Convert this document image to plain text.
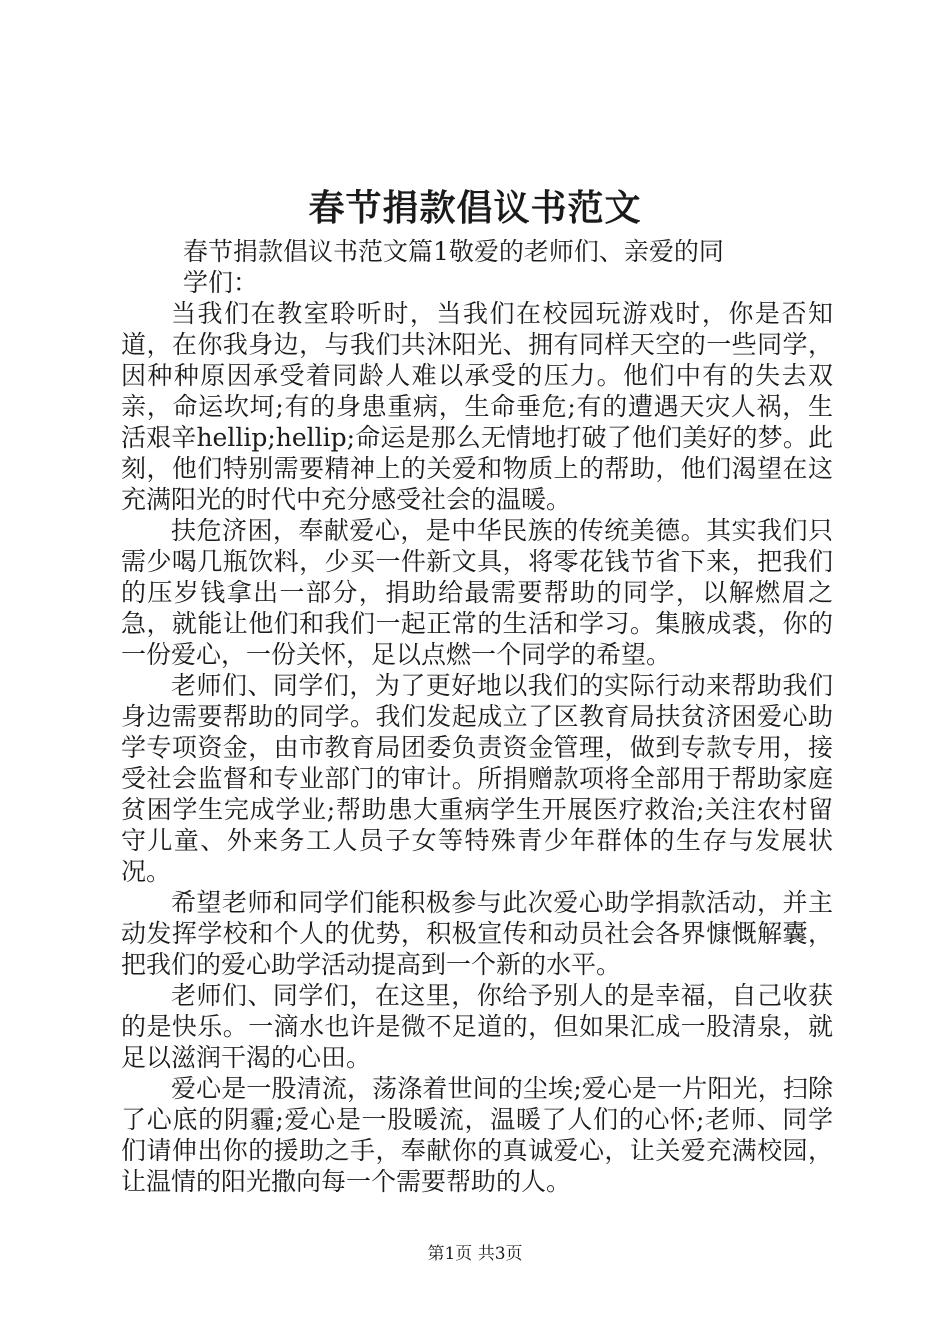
春节捐款倡议书范文

春节捐款倡议书范文篇1敬爱的老师们、亲爱的同学们：

当我们在教室聆听时，当我们在校园玩游戏时，你是否知道，在你我身边，与我们共沐阳光、拥有同样天空的一些同学，因种种原因承受着同龄人难以承受的压力。他们中有的失去双亲，命运坎坷;有的身患重病，生命垂危;有的遭遇天灾人祸，生活艰辛hellip;hellip;命运是那么无情地打破了他们美好的梦。此刻，他们特别需要精神上的关爱和物质上的帮助，他们渴望在这充满阳光的时代中充分感受社会的温暖。

扶危济困，奉献爱心，是中华民族的传统美德。其实我们只需少喝几瓶饮料，少买一件新文具，将零花钱节省下来，把我们的压岁钱拿出一部分，捐助给最需要帮助的同学，以解燃眉之急，就能让他们和我们一起正常的生活和学习。集腋成裘，你的一份爱心，一份关怀，足以点燃一个同学的希望。

老师们、同学们，为了更好地以我们的实际行动来帮助我们身边需要帮助的同学。我们发起成立了区教育局扶贫济困爱心助学专项资金，由市教育局团委负责资金管理，做到专款专用，接受社会监督和专业部门的审计。所捐赠款项将全部用于帮助家庭贫困学生完成学业;帮助患大重病学生开展医疗救治;关注农村留守儿童、外来务工人员子女等特殊青少年群体的生存与发展状况。

希望老师和同学们能积极参与此次爱心助学捐款活动，并主动发挥学校和个人的优势，积极宣传和动员社会各界慷慨解囊，把我们的爱心助学活动提高到一个新的水平。

老师们、同学们，在这里，你给予别人的是幸福，自己收获的是快乐。一滴水也许是微不足道的，但如果汇成一股清泉，就足以滋润干渴的心田。

爱心是一股清流，荡涤着世间的尘埃;爱心是一片阳光，扫除了心底的阴霾;爱心是一股暖流，温暖了人们的心怀;老师、同学们请伸出你的援助之手，奉献你的真诚爱心，让关爱充满校园，让温情的阳光撒向每一个需要帮助的人。

第1页 共3页
